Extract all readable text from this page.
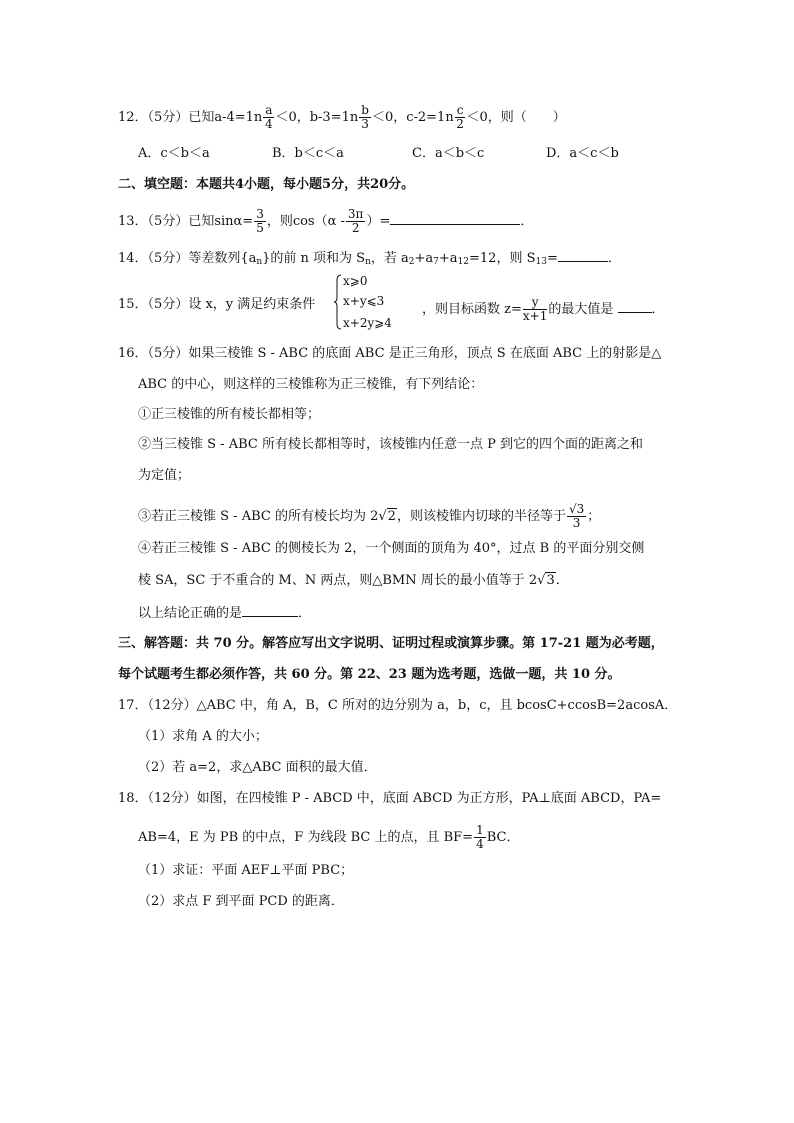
12．（5分）已知$a-4=1n \frac{a}{4} <0$，$b-3=1n \frac{b}{3} <0$，$c-2=1n \frac{c}{2} <0$，则（　　）
A．c＜b＜a	B．b＜c＜a	C．a＜b＜c	D．a＜c＜b
二、填空题：本题共4小题，每小题5分，共20分。
13．（5分）已知$\sin\alpha= \frac{3}{5}$ ，则$\cos(\alpha - \frac{3\pi}{2}$ ）=	．
14．（5分）等差数列$\{a_n\}$的前 n 项和为 $S_n$，若 $a_2+a_7+a_{12}=12$，则 $S_{13}=$	．
15．（5分）设 x，y 满足约束条件
x⩾0
x+y⩽3
x+2y⩾4
，则目标函数 $z= \frac{y}{x+1}$ 的最大值是	．
16．（5分）如果三棱锥 S - ABC 的底面 ABC 是正三角形，顶点 S 在底面 ABC 上的射影是△
ABC 的中心，则这样的三棱锥称为正三棱锥，有下列结论：
①正三棱锥的所有棱长都相等；
②当三棱锥 S - ABC 所有棱长都相等时，该棱锥内任意一点 P 到它的四个面的距离之和
为定值；
③若正三棱锥 S - ABC 的所有棱长均为 2√2，则该棱锥内切球的半径等于 $\frac{√3}{3}$ ；
④若正三棱锥 S - ABC 的侧棱长为 2，一个侧面的顶角为 40°，过点 B 的平面分别交侧
棱 SA，SC 于不重合的 M、N 两点，则△BMN 周长的最小值等于 2√3．
以上结论正确的是	．
三、解答题：共 70 分。解答应写出文字说明、证明过程或演算步骤。第 17-21 题为必考题，
每个试题考生都必须作答，共 60 分。第 22、23 题为选考题，选做一题，共 10 分。
17．（12分）△ABC 中，角 A，B，C 所对的边分别为 a，b，c，且 bcosC+ccosB=2acosA．
（1）求角 A 的大小；
（2）若 a=2，求△ABC 面积的最大值．
18．（12分）如图，在四棱锥 P - ABCD 中，底面 ABCD 为正方形，PA⊥底面 ABCD，PA=
AB=4，E 为 PB 的中点，F 为线段 BC 上的点，且 $BF= \frac{1}{4}$ BC．
（1）求证：平面 AEF⊥平面 PBC；
（2）求点 F 到平面 PCD 的距离．
